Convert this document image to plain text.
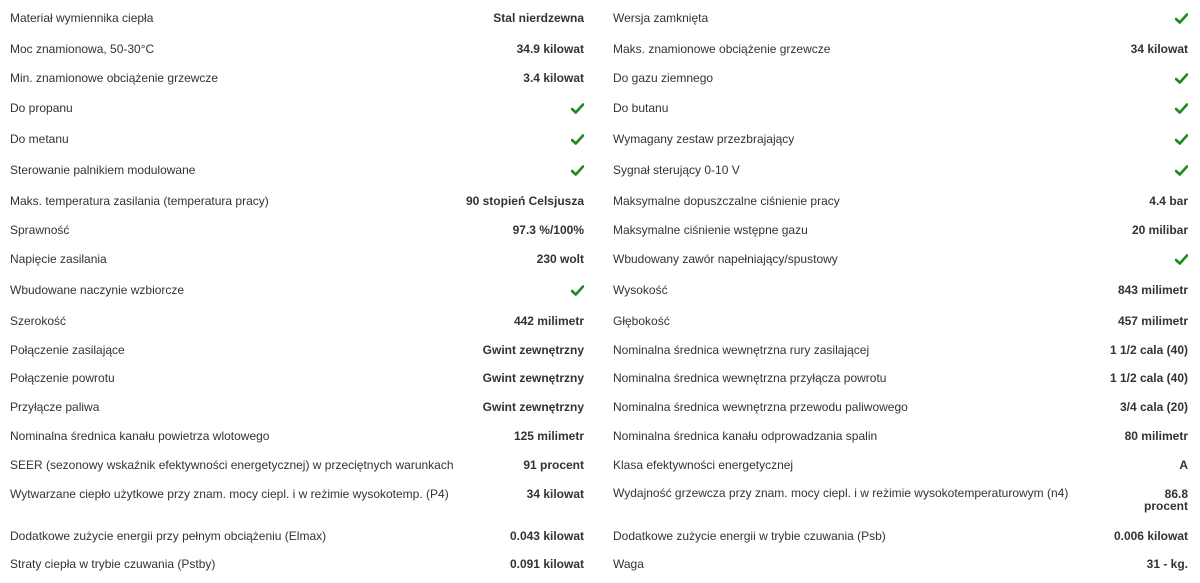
Materiał wymiennika ciepła	Stal nierdzewna
Moc znamionowa, 50-30°C	34.9 kilowat
Min. znamionowe obciążenie grzewcze	3.4 kilowat
Do propanu
Do metanu
Sterowanie palnikiem modulowane
Maks. temperatura zasilania (temperatura pracy)	90 stopień Celsjusza
Sprawność	97.3 %/100%
Napięcie zasilania	230 wolt
Wbudowane naczynie wzbiorcze
Szerokość	442 milimetr
Połączenie zasilające	Gwint zewnętrzny
Połączenie powrotu	Gwint zewnętrzny
Przyłącze paliwa	Gwint zewnętrzny
Nominalna średnica kanału powietrza wlotowego	125 milimetr
SEER (sezonowy wskaźnik efektywności energetycznej) w przeciętnych warunkach	91 procent
Wytwarzane ciepło użytkowe przy znam. mocy ciepl. i w reżimie wysokotemp. (P4)	34 kilowat
Dodatkowe zużycie energii przy pełnym obciążeniu (Elmax)	0.043 kilowat
Straty ciepła w trybie czuwania (Pstby)	0.091 kilowat
Wersja zamknięta
Maks. znamionowe obciążenie grzewcze	34 kilowat
Do gazu ziemnego
Do butanu
Wymagany zestaw przezbrajający
Sygnał sterujący 0-10 V
Maksymalne dopuszczalne ciśnienie pracy	4.4 bar
Maksymalne ciśnienie wstępne gazu	20 milibar
Wbudowany zawór napełniający/spustowy
Wysokość	843 milimetr
Głębokość	457 milimetr
Nominalna średnica wewnętrzna rury zasilającej	1 1/2 cala (40)
Nominalna średnica wewnętrzna przyłącza powrotu	1 1/2 cala (40)
Nominalna średnica wewnętrzna przewodu paliwowego	3/4 cala (20)
Nominalna średnica kanału odprowadzania spalin	80 milimetr
Klasa efektywności energetycznej	A
Wydajność grzewcza przy znam. mocy ciepl. i w reżimie wysokotemperaturowym (n4)	86.8 procent
Dodatkowe zużycie energii w trybie czuwania (Psb)	0.006 kilowat
Waga	31 - kg.
